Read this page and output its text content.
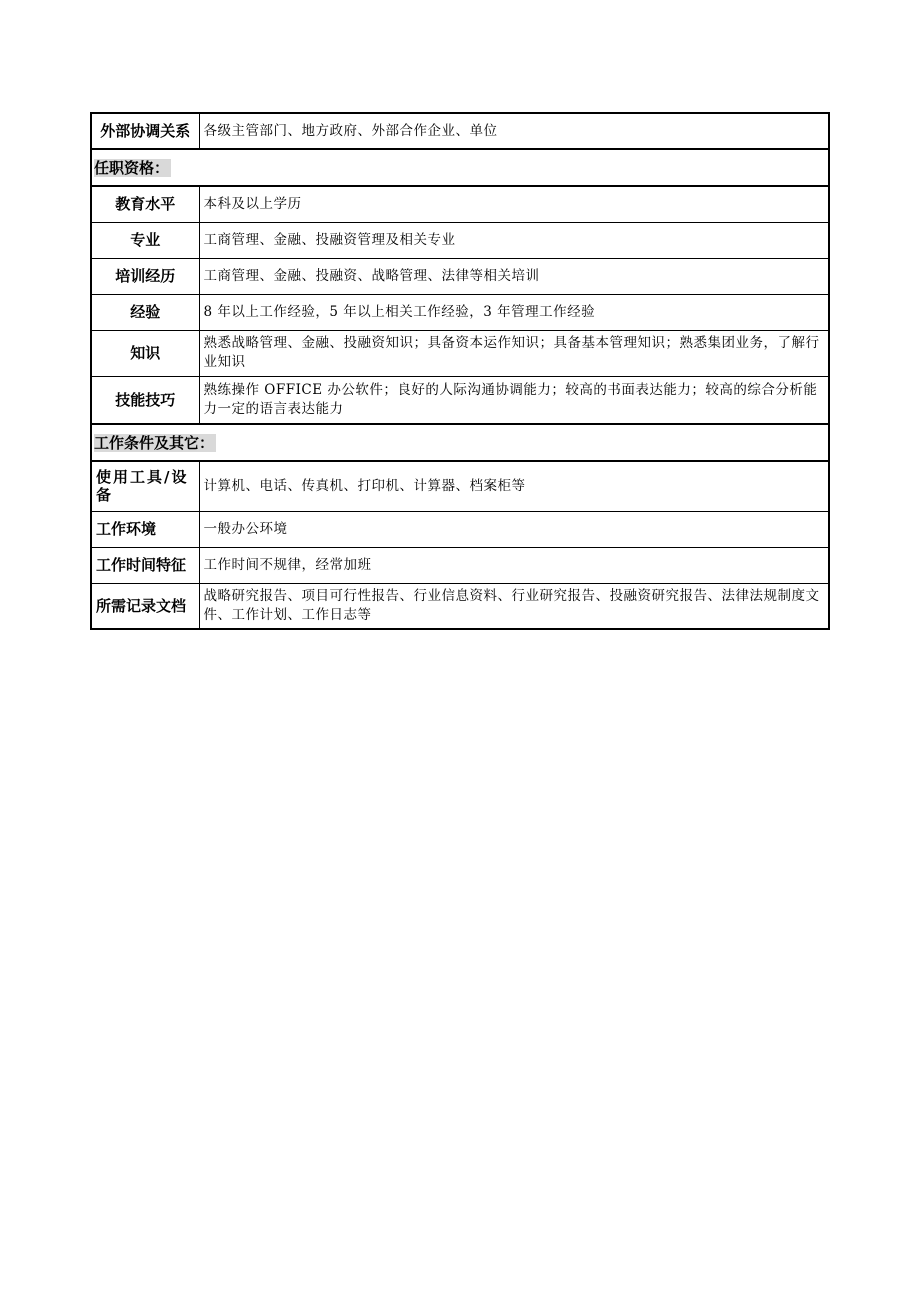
外部协调关系	各级主管部门、地方政府、外部合作企业、单位
任职资格：	
教育水平	本科及以上学历
专业	工商管理、金融、投融资管理及相关专业
培训经历	工商管理、金融、投融资、战略管理、法律等相关培训
经验	8 年以上工作经验，5 年以上相关工作经验，3 年管理工作经验
知识	熟悉战略管理、金融、投融资知识；具备资本运作知识；具备基本管理知识；熟悉集团业务，了解行业知识
技能技巧	熟练操作 OFFICE 办公软件；良好的人际沟通协调能力；较高的书面表达能力；较高的综合分析能力一定的语言表达能力
工作条件及其它：	
使用工具/设备	计算机、电话、传真机、打印机、计算器、档案柜等
工作环境	一般办公环境
工作时间特征	工作时间不规律，经常加班
所需记录文档	战略研究报告、项目可行性报告、行业信息资料、行业研究报告、投融资研究报告、法律法规制度文件、工作计划、工作日志等
